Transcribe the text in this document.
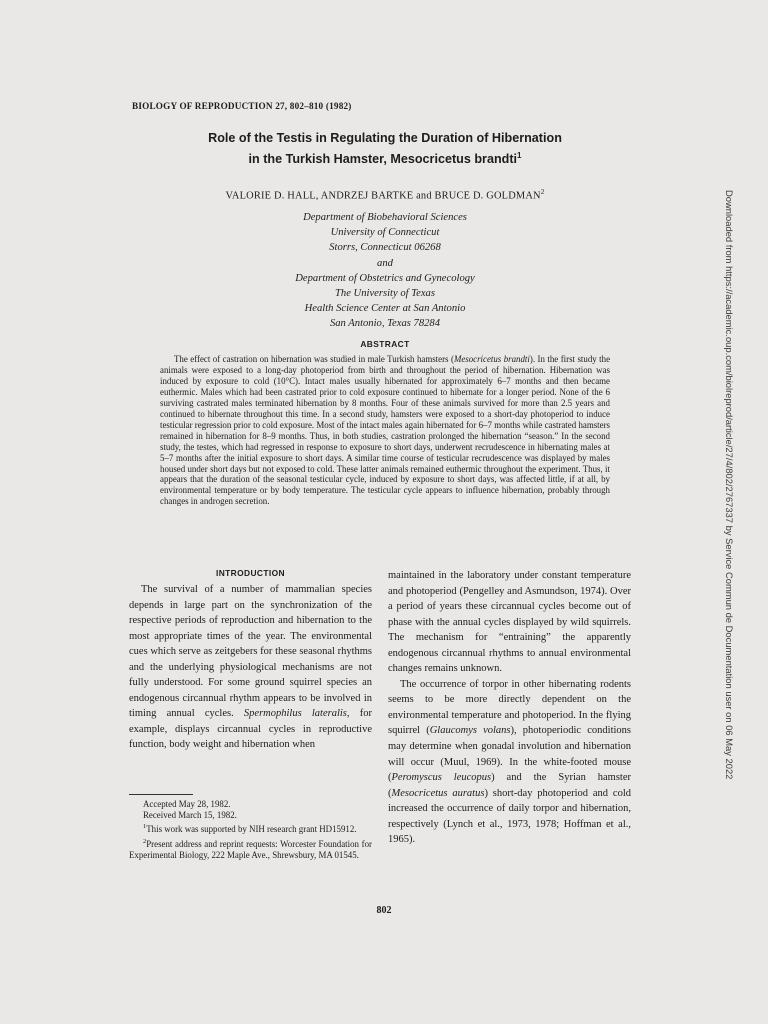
BIOLOGY OF REPRODUCTION 27, 802–810 (1982)
Role of the Testis in Regulating the Duration of Hibernation
in the Turkish Hamster, Mesocricetus brandti$^1$
VALORIE D. HALL, ANDRZEJ BARTKE and BRUCE D. GOLDMAN$^2$
Department of Biobehavioral Sciences
University of Connecticut
Storrs, Connecticut 06268
and
Department of Obstetrics and Gynecology
The University of Texas
Health Science Center at San Antonio
San Antonio, Texas 78284
ABSTRACT

The effect of castration on hibernation was studied in male Turkish hamsters (Mesocricetus brandti). In the first study the animals were exposed to a long-day photoperiod from birth and throughout the period of hibernation. Hibernation was induced by exposure to cold (10°C). Intact males usually hibernated for approximately 6–7 months and then became euthermic. Males which had been castrated prior to cold exposure continued to hibernate for a longer period. None of the 6 surviving castrated males terminated hibernation by 8 months. Four of these animals survived for more than 2.5 years and continued to hibernate throughout this time. In a second study, hamsters were exposed to a short-day photoperiod to induce testicular regression prior to cold exposure. Most of the intact males again hibernated for 6–7 months while castrated hamsters remained in hibernation for 8–9 months. Thus, in both studies, castration prolonged the hibernation “season.” In the second study, the testes, which had regressed in response to exposure to short days, underwent recrudescence in hibernating males at 5–7 months after the initial exposure to short days. A similar time course of testicular recrudescence was displayed by males housed under short days but not exposed to cold. These latter animals remained euthermic throughout the experiment. Thus, it appears that the duration of the seasonal testicular cycle, induced by exposure to short days, was affected little, if at all, by environmental temperature or by body temperature. The testicular cycle appears to influence hibernation, probably through changes in androgen secretion.

INTRODUCTION

The survival of a number of mammalian species depends in large part on the synchronization of the respective periods of reproduction and hibernation to the most appropriate times of the year. The environmental cues which serve as zeitgebers for these seasonal rhythms and the underlying physiological mechanisms are not fully understood. For some ground squirrel species an endogenous circannual rhythm appears to be involved in timing annual cycles. Spermophilus lateralis, for example, displays circannual cycles in reproductive function, body weight and hibernation when

maintained in the laboratory under constant temperature and photoperiod (Pengelley and Asmundson, 1974). Over a period of years these circannual cycles become out of phase with the annual cycles displayed by wild squirrels. The mechanism for “entraining” the apparently endogenous circannual rhythms to annual environmental changes remains unknown.

The occurrence of torpor in other hibernating rodents seems to be more directly dependent on the environmental temperature and photoperiod. In the flying squirrel (Glaucomys volans), photoperiodic conditions may determine when gonadal involution and hibernation will occur (Muul, 1969). In the white-footed mouse (Peromyscus leucopus) and the Syrian hamster (Mesocricetus auratus) short-day photoperiod and cold increased the occurrence of daily torpor and hibernation, respectively (Lynch et al., 1973, 1978; Hoffman et al., 1965).

Accepted May 28, 1982.

Received March 15, 1982.

$^1$This work was supported by NIH research grant HD15912.

$^2$Present address and reprint requests: Worcester Foundation for Experimental Biology, 222 Maple Ave., Shrewsbury, MA 01545.

802
Downloaded from https://academic.oup.com/biolreprod/article/27/4/802/2767337 by Service Commun de Documentation user on 06 May 2022
